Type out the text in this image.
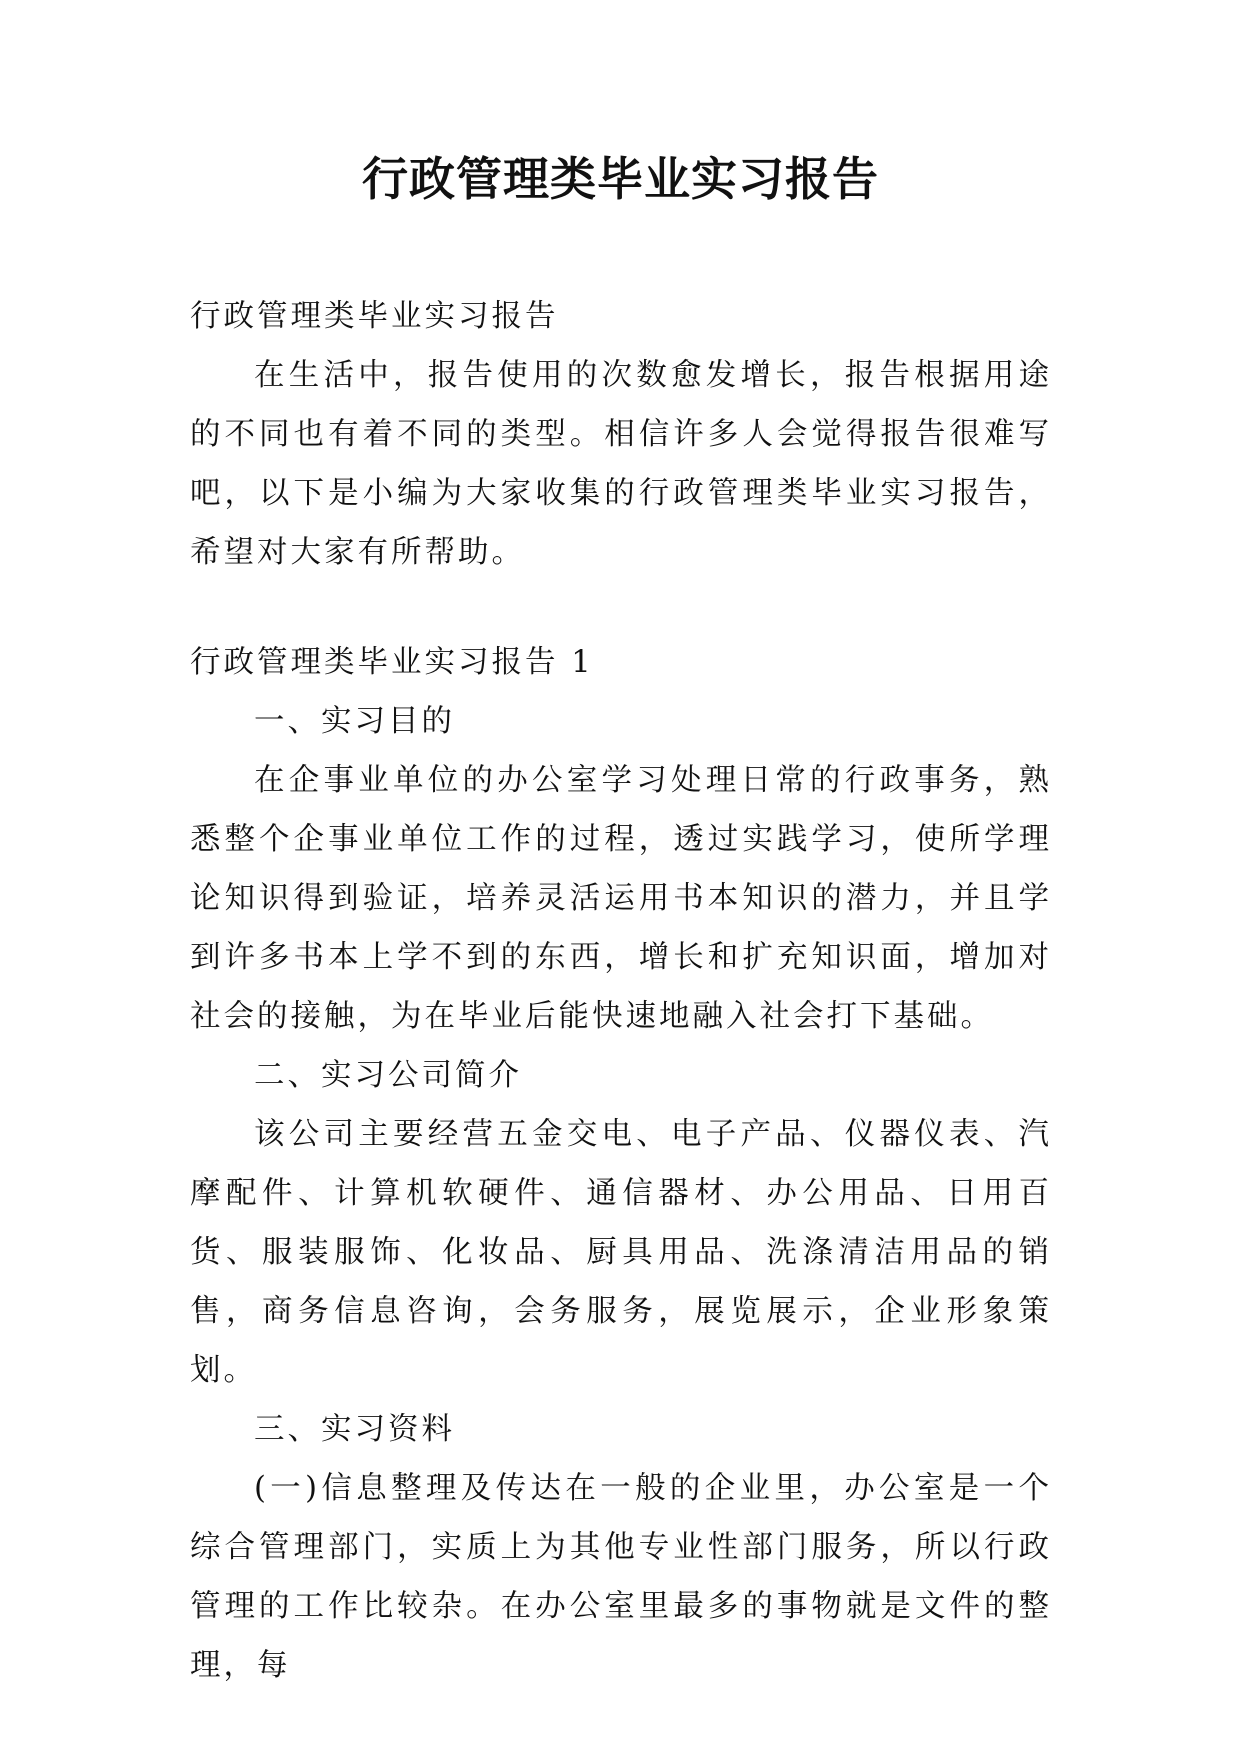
行政管理类毕业实习报告

行政管理类毕业实习报告

在生活中，报告使用的次数愈发增长，报告根据用途的不同也有着不同的类型。相信许多人会觉得报告很难写吧，以下是小编为大家收集的行政管理类毕业实习报告，希望对大家有所帮助。

行政管理类毕业实习报告 1

一、实习目的

在企事业单位的办公室学习处理日常的行政事务，熟悉整个企事业单位工作的过程，透过实践学习，使所学理论知识得到验证，培养灵活运用书本知识的潜力，并且学到许多书本上学不到的东西，增长和扩充知识面，增加对社会的接触，为在毕业后能快速地融入社会打下基础。

二、实习公司简介

该公司主要经营五金交电、电子产品、仪器仪表、汽摩配件、计算机软硬件、通信器材、办公用品、日用百货、服装服饰、化妆品、厨具用品、洗涤清洁用品的销售，商务信息咨询，会务服务，展览展示，企业形象策划。

三、实习资料

(一)信息整理及传达在一般的企业里，办公室是一个综合管理部门，实质上为其他专业性部门服务，所以行政管理的工作比较杂。在办公室里最多的事物就是文件的整理，每
